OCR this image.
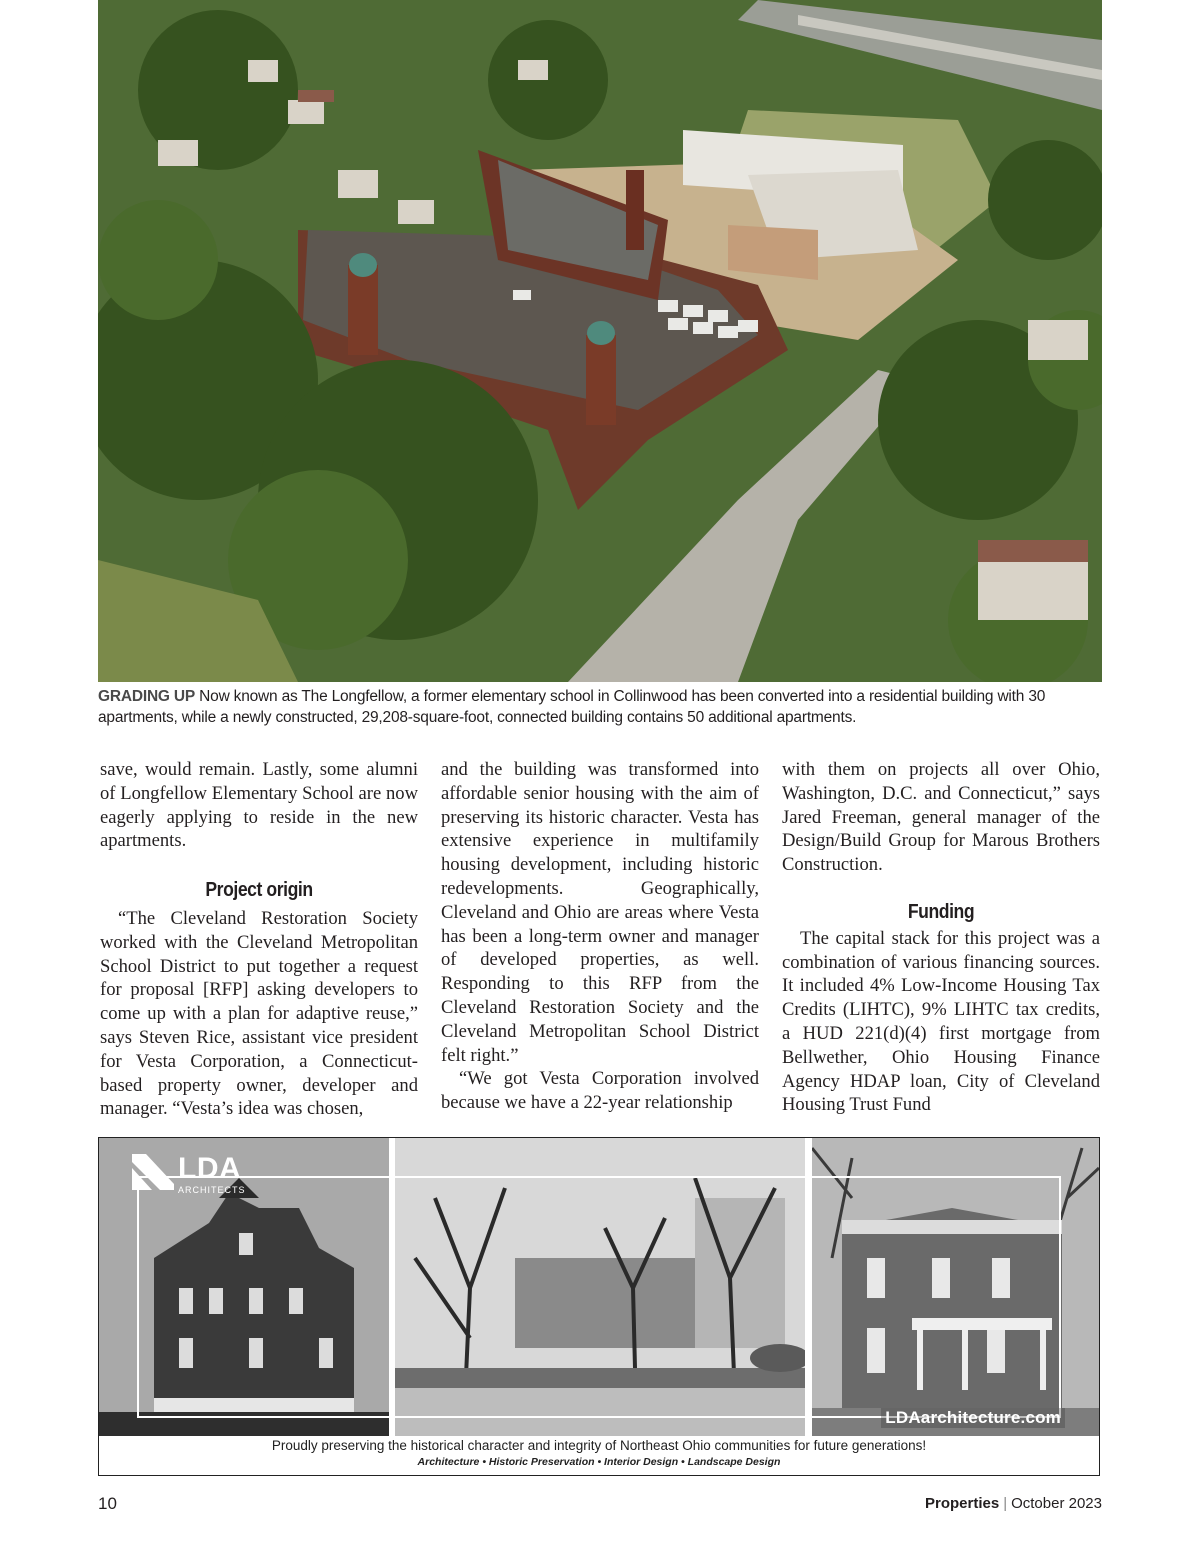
GRADING UP Now known as The Longfellow, a former elementary school in Collinwood has been converted into a residential building with 30 apartments, while a newly constructed, 29,208-square-foot, connected building contains 50 additional apartments.

save, would remain. Lastly, some alumni of Longfellow Elementary School are now eagerly applying to reside in the new apartments.

Project origin

“The Cleveland Restoration Society worked with the Cleveland Metropolitan School District to put together a request for proposal [RFP] asking developers to come up with a plan for adaptive reuse,” says Steven Rice, assistant vice president for Vesta Corporation, a Connecticut-based property owner, developer and manager. “Vesta’s idea was chosen,

and the building was transformed into affordable senior housing with the aim of preserving its historic character. Vesta has extensive experience in multifamily housing development, including historic redevelopments. Geographically, Cleveland and Ohio are areas where Vesta has been a long-term owner and manager of developed properties, as well. Responding to this RFP from the Cleveland Restoration Society and the Cleveland Metropolitan School District felt right.”

“We got Vesta Corporation involved because we have a 22-year relationship

with them on projects all over Ohio, Washington, D.C. and Connecticut,” says Jared Freeman, general manager of the Design/Build Group for Marous Brothers Construction.

Funding

The capital stack for this project was a combination of various financing sources. It included 4% Low-Income Housing Tax Credits (LIHTC), 9% LIHTC tax credits, a HUD 221(d)(4) first mortgage from Bellwether, Ohio Housing Finance Agency HDAP loan, City of Cleveland Housing Trust Fund

LDA
ARCHITECTS
LDAarchitecture.com
Proudly preserving the historical character and integrity of Northeast Ohio communities for future generations!
Architecture • Historic Preservation • Interior Design • Landscape Design
10	Properties | October 2023
